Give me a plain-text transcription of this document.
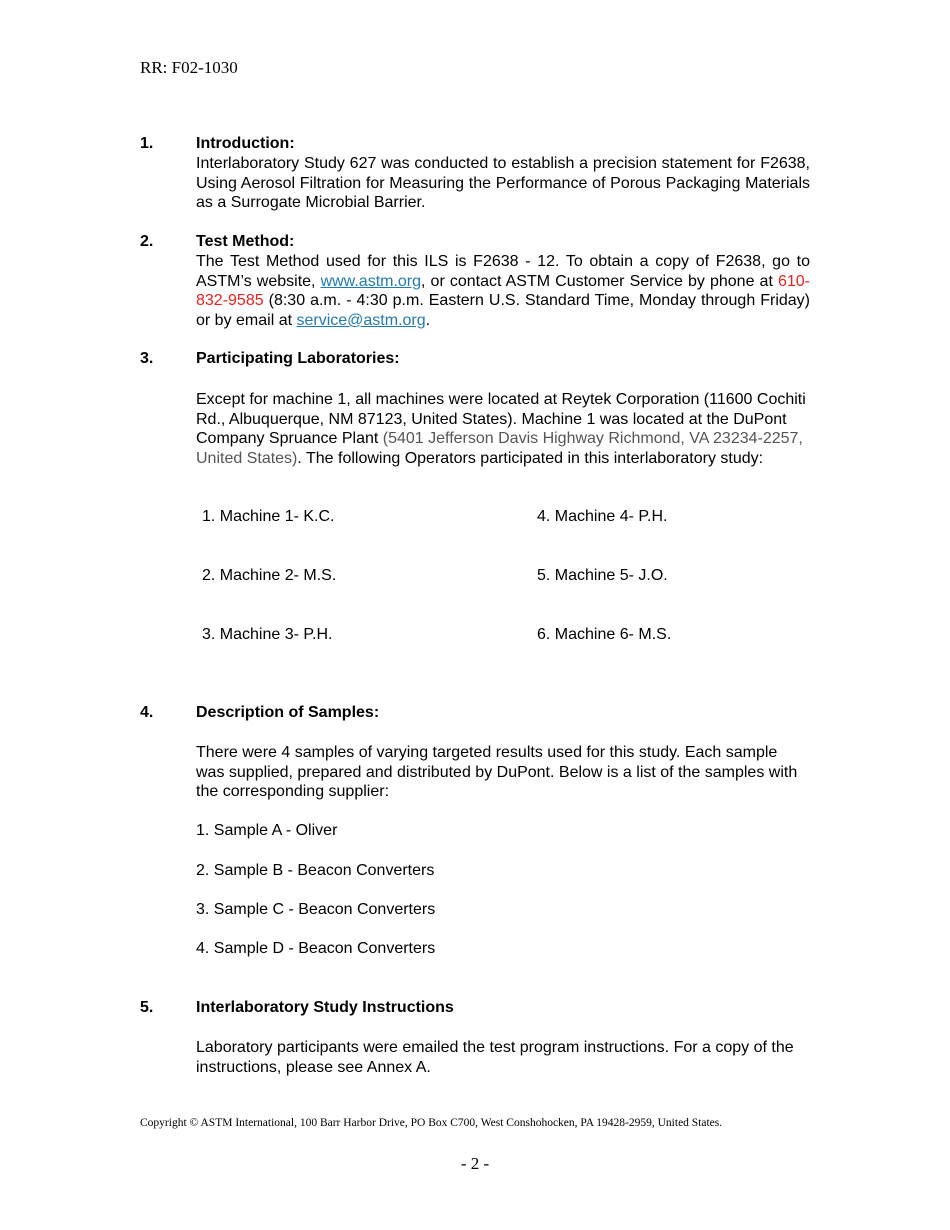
RR: F02-1030
1.	Introduction:
Interlaboratory Study 627 was conducted to establish a precision statement for F2638, Using Aerosol Filtration for Measuring the Performance of Porous Packaging Materials as a Surrogate Microbial Barrier.
2.	Test Method:
The Test Method used for this ILS is F2638 - 12. To obtain a copy of F2638, go to ASTM’s website, www.astm.org, or contact ASTM Customer Service by phone at 610-832-9585 (8:30 a.m. - 4:30 p.m. Eastern U.S. Standard Time, Monday through Friday) or by email at service@astm.org.
3.	Participating Laboratories:
Except for machine 1, all machines were located at Reytek Corporation (11600 Cochiti Rd., Albuquerque, NM 87123, United States). Machine 1 was located at the DuPont Company Spruance Plant (5401 Jefferson Davis Highway Richmond, VA 23234-2257, United States). The following Operators participated in this interlaboratory study:
1. Machine 1- K.C.
2. Machine 2- M.S.
3. Machine 3- P.H.
4. Machine 4- P.H.
5. Machine 5- J.O.
6. Machine 6- M.S.
4.	Description of Samples:
There were 4 samples of varying targeted results used for this study. Each sample was supplied, prepared and distributed by DuPont. Below is a list of the samples with the corresponding supplier:
1. Sample A - Oliver
2. Sample B - Beacon Converters
3. Sample C - Beacon Converters
4. Sample D - Beacon Converters
5.	Interlaboratory Study Instructions
Laboratory participants were emailed the test program instructions. For a copy of the instructions, please see Annex A.
Copyright © ASTM International, 100 Barr Harbor Drive, PO Box C700, West Conshohocken, PA 19428-2959, United States.
- 2 -
